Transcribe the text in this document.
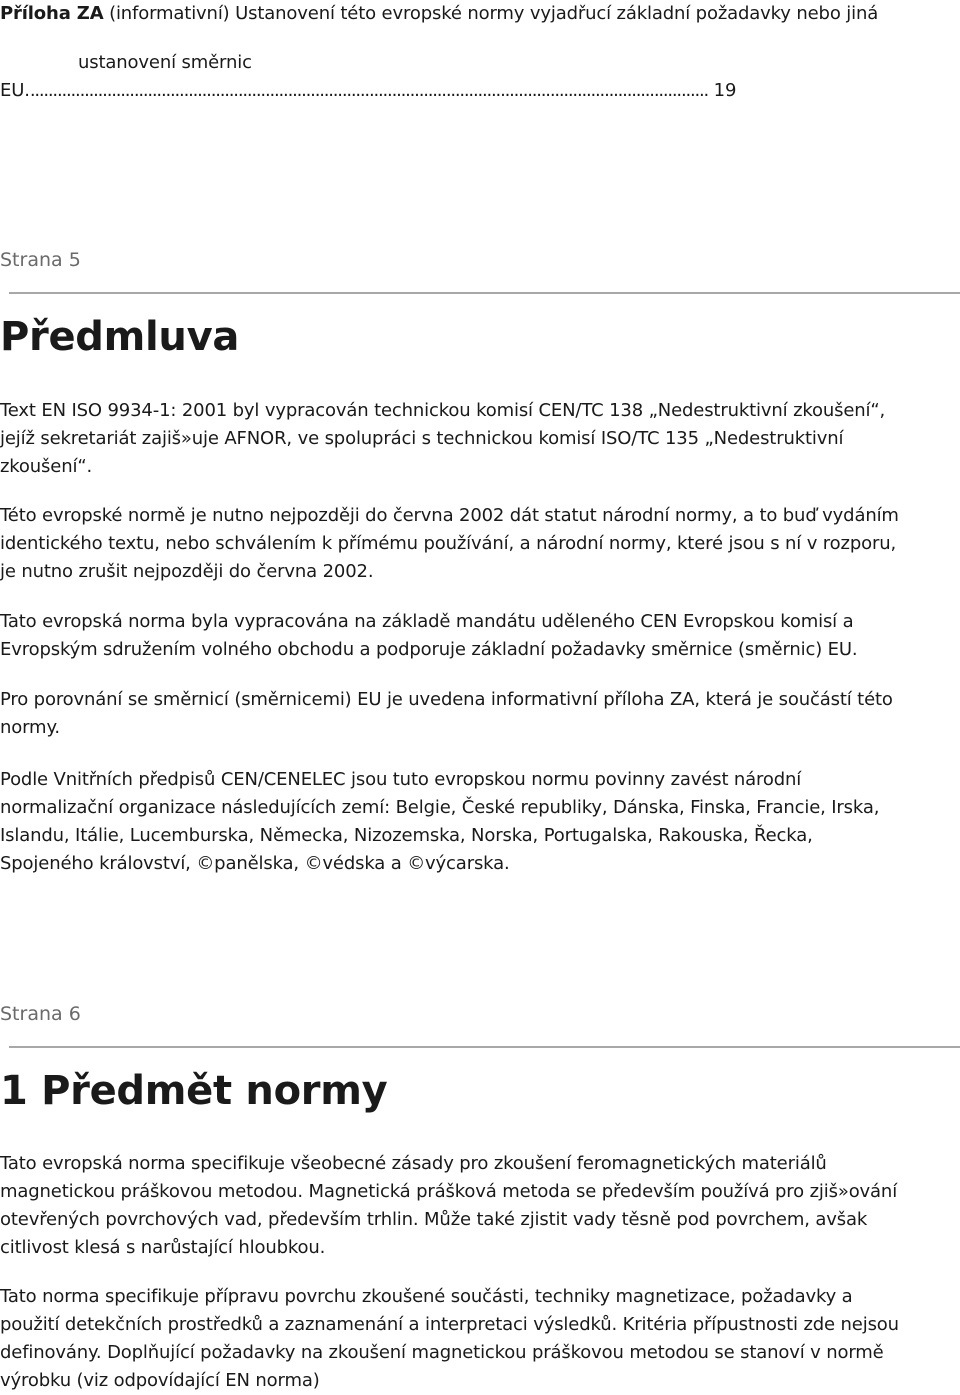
Příloha ZA (informativní) Ustanovení této evropské normy vyjadřucí základní požadavky nebo jiná
ustanovení směrnic
EU....................................................................................................................................................... 19
Strana 5
Předmluva
Text EN ISO 9934-1: 2001 byl vypracován technickou komisí CEN/TC 138 „Nedestruktivní zkoušení“,
jejíž sekretariát zajiš»uje AFNOR, ve spolupráci s technickou komisí ISO/TC 135 „Nedestruktivní
zkoušení“.
Této evropské normě je nutno nejpozději do června 2002 dát statut národní normy, a to buď vydáním
identického textu, nebo schválením k přímému používání, a národní normy, které jsou s ní v rozporu,
je nutno zrušit nejpozději do června 2002.
Tato evropská norma byla vypracována na základě mandátu uděleného CEN Evropskou komisí a
Evropským sdružením volného obchodu a podporuje základní požadavky směrnice (směrnic) EU.
Pro porovnání se směrnicí (směrnicemi) EU je uvedena informativní příloha ZA, která je součástí této
normy.
Podle Vnitřních předpisů CEN/CENELEC jsou tuto evropskou normu povinny zavést národní
normalizační organizace následujících zemí: Belgie, České republiky, Dánska, Finska, Francie, Irska,
Islandu, Itálie, Lucemburska, Německa, Nizozemska, Norska, Portugalska, Rakouska, Řecka,
Spojeného království, ©panělska, ©védska a ©výcarska.
Strana 6
1 Předmět normy
Tato evropská norma specifikuje všeobecné zásady pro zkoušení feromagnetických materiálů
magnetickou práškovou metodou. Magnetická prášková metoda se především používá pro zjiš»ování
otevřených povrchových vad, především trhlin. Může také zjistit vady těsně pod povrchem, avšak
citlivost klesá s narůstající hloubkou.
Tato norma specifikuje přípravu povrchu zkoušené součásti, techniky magnetizace, požadavky a
použití detekčních prostředků a zaznamenání a interpretaci výsledků. Kritéria přípustnosti zde nejsou
definovány. Doplňující požadavky na zkoušení magnetickou práškovou metodou se stanoví v normě
výrobku (viz odpovídající EN norma)
